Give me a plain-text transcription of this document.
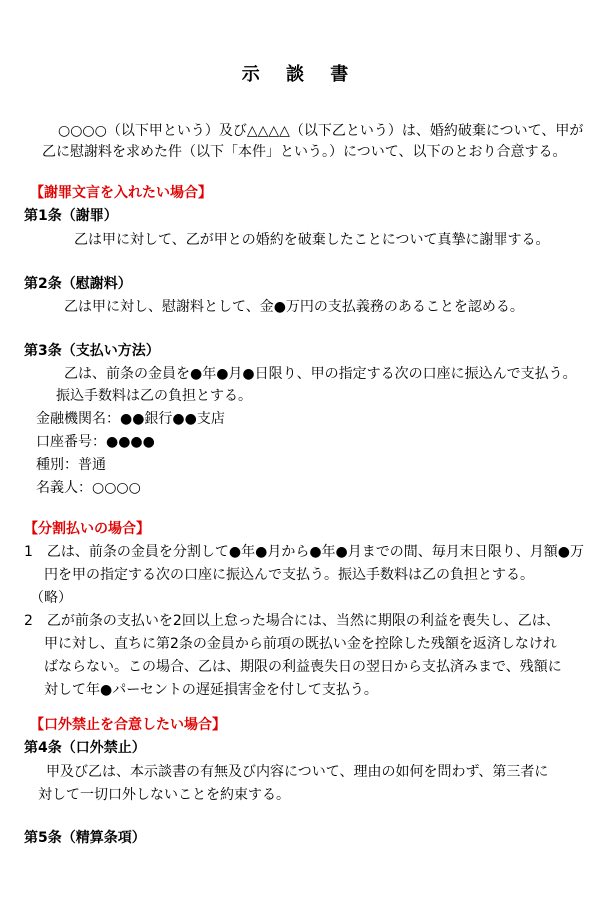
示 談 書
○○○○（以下甲という）及び△△△△（以下乙という）は、婚約破棄について、甲が
乙に慰謝料を求めた件（以下「本件」という。）について、以下のとおり合意する。
【謝罪文言を入れたい場合】
第1条（謝罪）
乙は甲に対して、乙が甲との婚約を破棄したことについて真摯に謝罪する。
第2条（慰謝料）
乙は甲に対し、慰謝料として、金●万円の支払義務のあることを認める。
第3条（支払い方法）
乙は、前条の金員を●年●月●日限り、甲の指定する次の口座に振込んで支払う。
振込手数料は乙の負担とする。
金融機関名：●●銀行●●支店
口座番号：●●●●
種別：普通
名義人：○○○○
【分割払いの場合】
1　乙は、前条の金員を分割して●年●月から●年●月までの間、毎月末日限り、月額●万
円を甲の指定する次の口座に振込んで支払う。振込手数料は乙の負担とする。
（略）
2　乙が前条の支払いを2回以上怠った場合には、当然に期限の利益を喪失し、乙は、
甲に対し、直ちに第2条の金員から前項の既払い金を控除した残額を返済しなけれ
ばならない。この場合、乙は、期限の利益喪失日の翌日から支払済みまで、残額に
対して年●パーセントの遅延損害金を付して支払う。
【口外禁止を合意したい場合】
第4条（口外禁止）
甲及び乙は、本示談書の有無及び内容について、理由の如何を問わず、第三者に
対して一切口外しないことを約束する。
第5条（精算条項）
